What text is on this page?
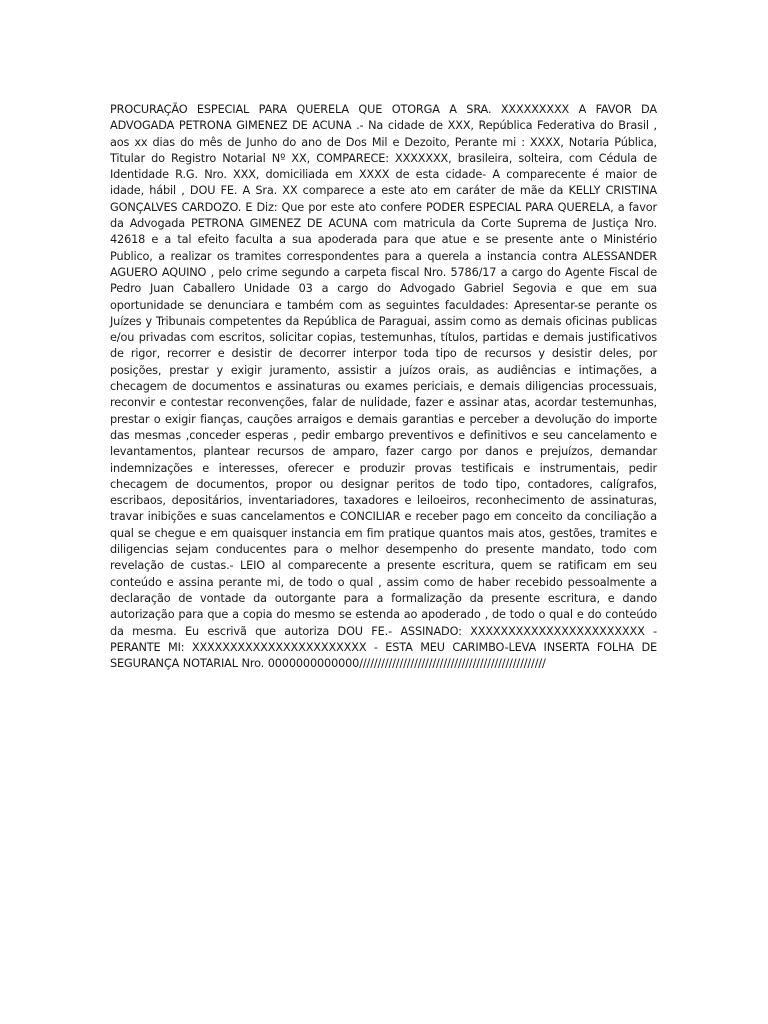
PROCURAÇÃO ESPECIAL PARA QUERELA QUE OTORGA A SRA. XXXXXXXXX A FAVOR DA ADVOGADA PETRONA GIMENEZ DE ACUNA .- Na cidade de XXX, República Federativa do Brasil , aos xx dias do mês de Junho do ano de Dos Mil e Dezoito, Perante mi : XXXX, Notaria Pública, Titular do Registro Notarial Nº XX, COMPARECE: XXXXXXX, brasileira, solteira, com Cédula de Identidade R.G. Nro. XXX, domiciliada em XXXX de esta cidade- A comparecente é maior de idade, hábil , DOU FE. A Sra. XX comparece a este ato em caráter de mãe da KELLY CRISTINA GONÇALVES CARDOZO. E Diz: Que por este ato confere PODER ESPECIAL PARA QUERELA, a favor da Advogada PETRONA GIMENEZ DE ACUNA com matricula da Corte Suprema de Justiça Nro. 42618 e a tal efeito faculta a sua apoderada para que atue e se presente ante o Ministério Publico, a realizar os tramites correspondentes para a querela a instancia contra ALESSANDER AGUERO AQUINO , pelo crime segundo a carpeta fiscal Nro. 5786/17 a cargo do Agente Fiscal de Pedro Juan Caballero Unidade 03 a cargo do Advogado Gabriel Segovia e que em sua oportunidade se denunciara e também com as seguintes faculdades: Apresentar-se perante os Juízes y Tribunais competentes da República de Paraguai, assim como as demais oficinas publicas e/ou privadas com escritos, solicitar copias, testemunhas, títulos, partidas e demais justificativos de rigor, recorrer e desistir de decorrer interpor toda tipo de recursos y desistir deles, por posições, prestar y exigir juramento, assistir a juízos orais, as audiências e intimações, a checagem de documentos e assinaturas ou exames periciais, e demais diligencias processuais, reconvir e contestar reconvenções, falar de nulidade, fazer e assinar atas, acordar testemunhas, prestar o exigir fianças, cauções arraigos e demais garantias e perceber a devolução do importe das mesmas ,conceder esperas , pedir embargo preventivos e definitivos e seu cancelamento e levantamentos, plantear recursos de amparo, fazer cargo por danos e prejuízos, demandar indemnizações e interesses, oferecer e produzir provas testificais e instrumentais, pedir checagem de documentos, propor ou designar peritos de todo tipo, contadores, calígrafos, escribaos, depositários, inventariadores, taxadores e leiloeiros, reconhecimento de assinaturas, travar inibições e suas cancelamentos e CONCILIAR e receber pago em conceito da conciliação a qual se chegue e em quaisquer instancia em fim pratique quantos mais atos, gestões, tramites e diligencias sejam conducentes para o melhor desempenho do presente mandato, todo com revelação de custas.- LEIO al comparecente a presente escritura, quem se ratificam em seu conteúdo e assina perante mi, de todo o qual , assim como de haber recebido pessoalmente a declaração de vontade da outorgante para a formalização da presente escritura, e dando autorização para que a copia do mesmo se estenda ao apoderado , de todo o qual e do conteúdo da mesma. Eu escrivã que autoriza DOU FE.- ASSINADO: XXXXXXXXXXXXXXXXXXXXXXX - PERANTE MI: XXXXXXXXXXXXXXXXXXXXXXX - ESTA MEU CARIMBO-LEVA INSERTA FOLHA DE SEGURANÇA NOTARIAL Nro. 0000000000000///////////////////////////////////////////////////
